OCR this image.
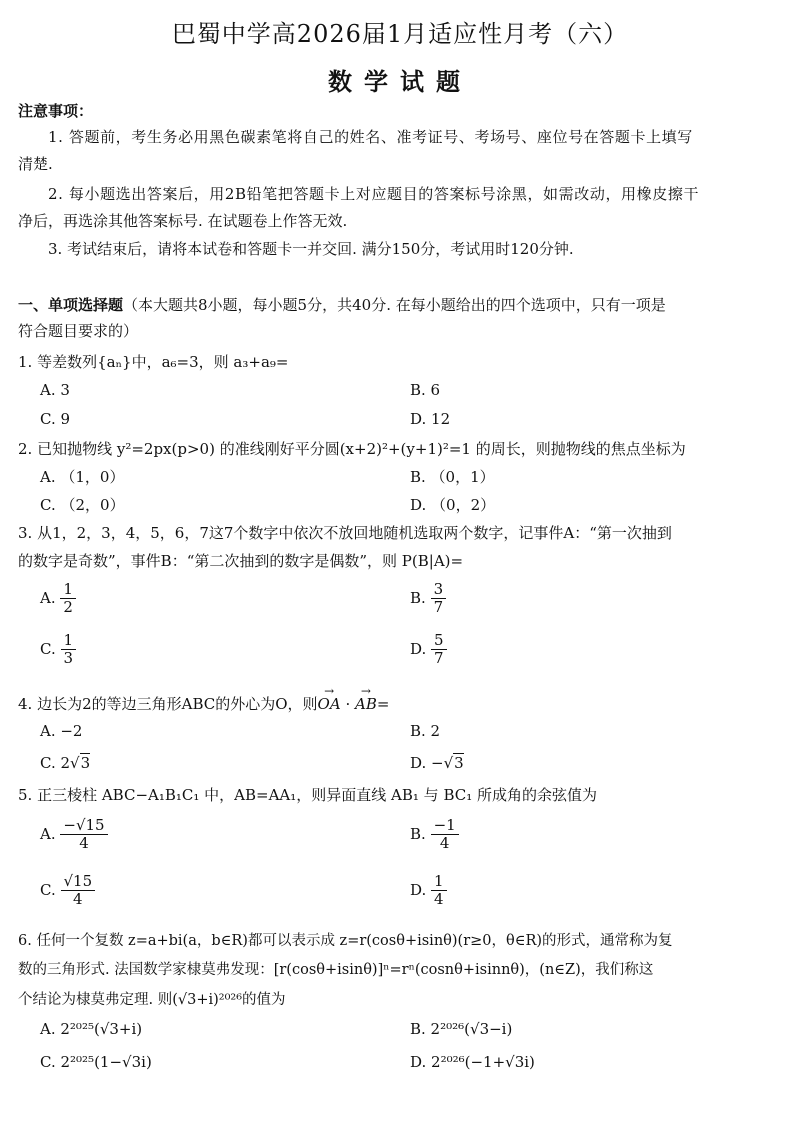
巴蜀中学高2026届1月适应性月考（六）
数学试题
注意事项：
1. 答题前，考生务必用黑色碳素笔将自己的姓名、准考证号、考场号、座位号在答题卡上填写
清楚.
2. 每小题选出答案后，用2B铅笔把答题卡上对应题目的答案标号涂黑，如需改动，用橡皮擦干
净后，再选涂其他答案标号. 在试题卷上作答无效.
3. 考试结束后，请将本试卷和答题卡一并交回. 满分150分，考试用时120分钟.
一、单项选择题（本大题共8小题，每小题5分，共40分. 在每小题给出的四个选项中，只有一项是
符合题目要求的）
1. 等差数列{aₙ}中，a₆=3，则 a₃+a₉=
A. 3	B. 6
C. 9	D. 12
2. 已知抛物线 y²=2px(p>0) 的准线刚好平分圆(x+2)²+(y+1)²=1 的周长，则抛物线的焦点坐标为
A. （1，0）	B. （0，1）
C. （2，0）	D. （0，2）
3. 从1，2，3，4，5，6，7这7个数字中依次不放回地随机选取两个数字，记事件A：“第一次抽到
的数字是奇数”，事件B：“第二次抽到的数字是偶数”，则 P(B|A)=
A. $\frac{1}{2}$	B. $\frac{3}{7}$
C. $\frac{1}{3}$	D. $\frac{5}{7}$
4. 边长为2的等边三角形ABC的外心为O，则→ OA · → AB=
A. −2	B. 2
C. 2√3	D. −√3
5. 正三棱柱 ABC−A₁B₁C₁ 中，AB=AA₁，则异面直线 AB₁ 与 BC₁ 所成角的余弦值为
A. $\frac{-√15}{4}$	B. $\frac{-1}{4}$
C. $\frac{√15}{4}$	D. $\frac{1}{4}$
6. 任何一个复数 z=a+bi(a，b∈R)都可以表示成 z=r(cosθ+isinθ)(r≥0，θ∈R)的形式，通常称为复
数的三角形式. 法国数学家棣莫弗发现：[r(cosθ+isinθ)]ⁿ=rⁿ(cosnθ+isinnθ)，(n∈Z)，我们称这
个结论为棣莫弗定理. 则(√3+i)²⁰²⁶的值为
A. 2²⁰²⁵(√3+i)	B. 2²⁰²⁶(√3−i)
C. 2²⁰²⁵(1−√3i)	D. 2²⁰²⁶(−1+√3i)
